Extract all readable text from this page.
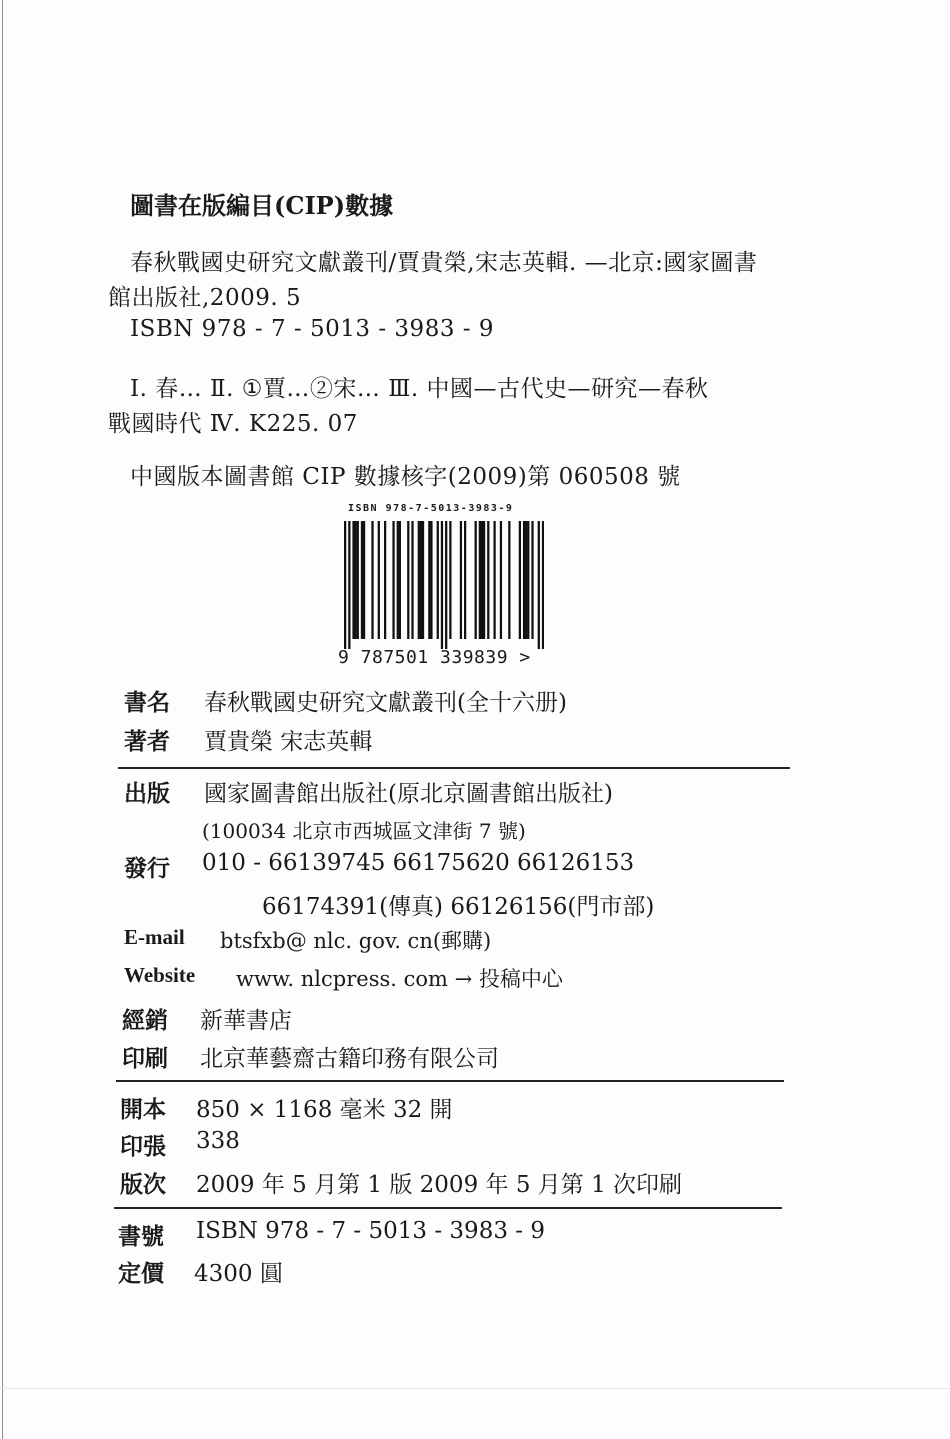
圖書在版編目(CIP)數據
春秋戰國史研究文獻叢刊/賈貴榮,宋志英輯. —北京:國家圖書
館出版社,2009. 5
ISBN 978 - 7 - 5013 - 3983 - 9
Ⅰ. 春… Ⅱ. ①賈…②宋… Ⅲ. 中國—古代史—研究—春秋
戰國時代 Ⅳ. K225. 07
中國版本圖書館 CIP 數據核字(2009)第 060508 號
ISBN 978-7-5013-3983-9
9 787501 339839 >
書名 春秋戰國史研究文獻叢刊(全十六册)
著者 賈貴榮 宋志英輯
出版 國家圖書館出版社(原北京圖書館出版社)
(100034 北京市西城區文津街 7 號)
發行 010 - 66139745 66175620 66126153
66174391(傳真) 66126156(門市部)
E-mail btsfxb@ nlc. gov. cn(郵購)
Website www. nlcpress. com → 投稿中心
經銷 新華書店
印刷 北京華藝齋古籍印務有限公司
開本 850 × 1168 毫米 32 開
印張 338
版次 2009 年 5 月第 1 版 2009 年 5 月第 1 次印刷
書號 ISBN 978 - 7 - 5013 - 3983 - 9
定價 4300 圓
